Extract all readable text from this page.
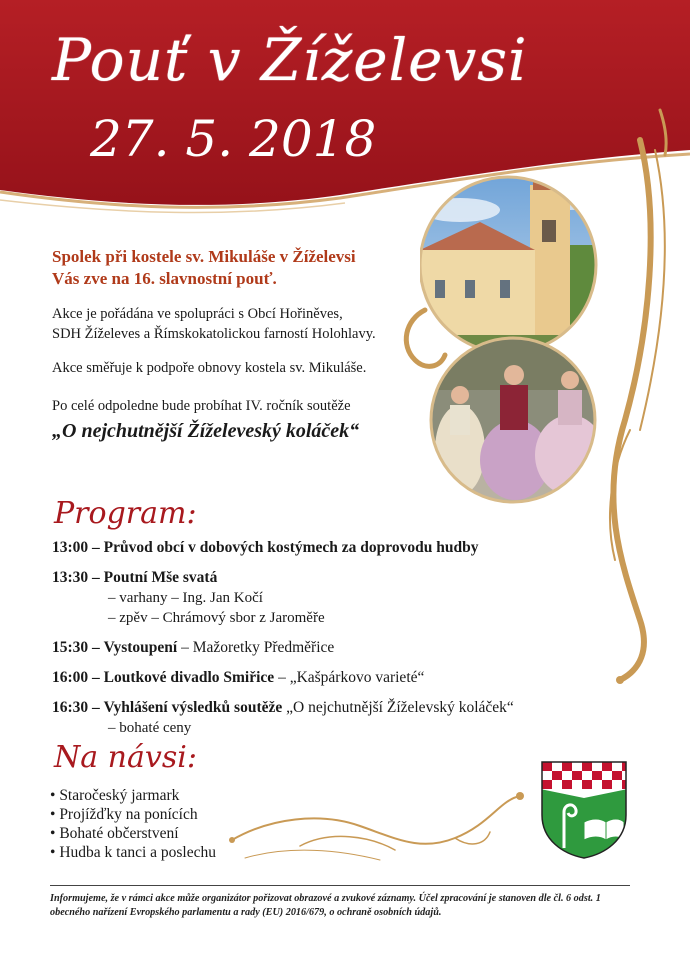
Pouť v Žíželevsi
27. 5. 2018
Spolek při kostele sv. Mikuláše v Žíželevsi
Vás zve na 16. slavnostní pouť.
Akce je pořádána ve spolupráci s Obcí Hořiněves,
SDH Žíželeves a Římskokatolickou farností Holohlavy.
Akce směřuje k podpoře obnovy kostela sv. Mikuláše.
Po celé odpoledne bude probíhat IV. ročník soutěže
„O nejchutnější Žíželeveský koláček“
Program:
13:00 – Průvod obcí v dobových kostýmech za doprovodu hudby
13:30 – Poutní Mše svatá
– varhany – Ing. Jan Kočí
– zpěv – Chrámový sbor z Jaroměře
15:30 – Vystoupení – Mažoretky Předměřice
16:00 – Loutkové divadlo Smiřice – „Kašpárkovo varieté“
16:30 – Vyhlášení výsledků soutěže „O nejchutnější Žíželevský koláček“
– bohaté ceny
Na návsi:
• Staročeský jarmark
• Projížďky na ponících
• Bohaté občerstvení
• Hudba k tanci a poslechu
Informujeme, že v rámci akce může organizátor pořizovat obrazové a zvukové záznamy. Účel zpracování je stanoven dle čl. 6 odst. 1 obecného nařízení Evropského parlamentu a rady (EU) 2016/679, o ochraně osobních údajů.
